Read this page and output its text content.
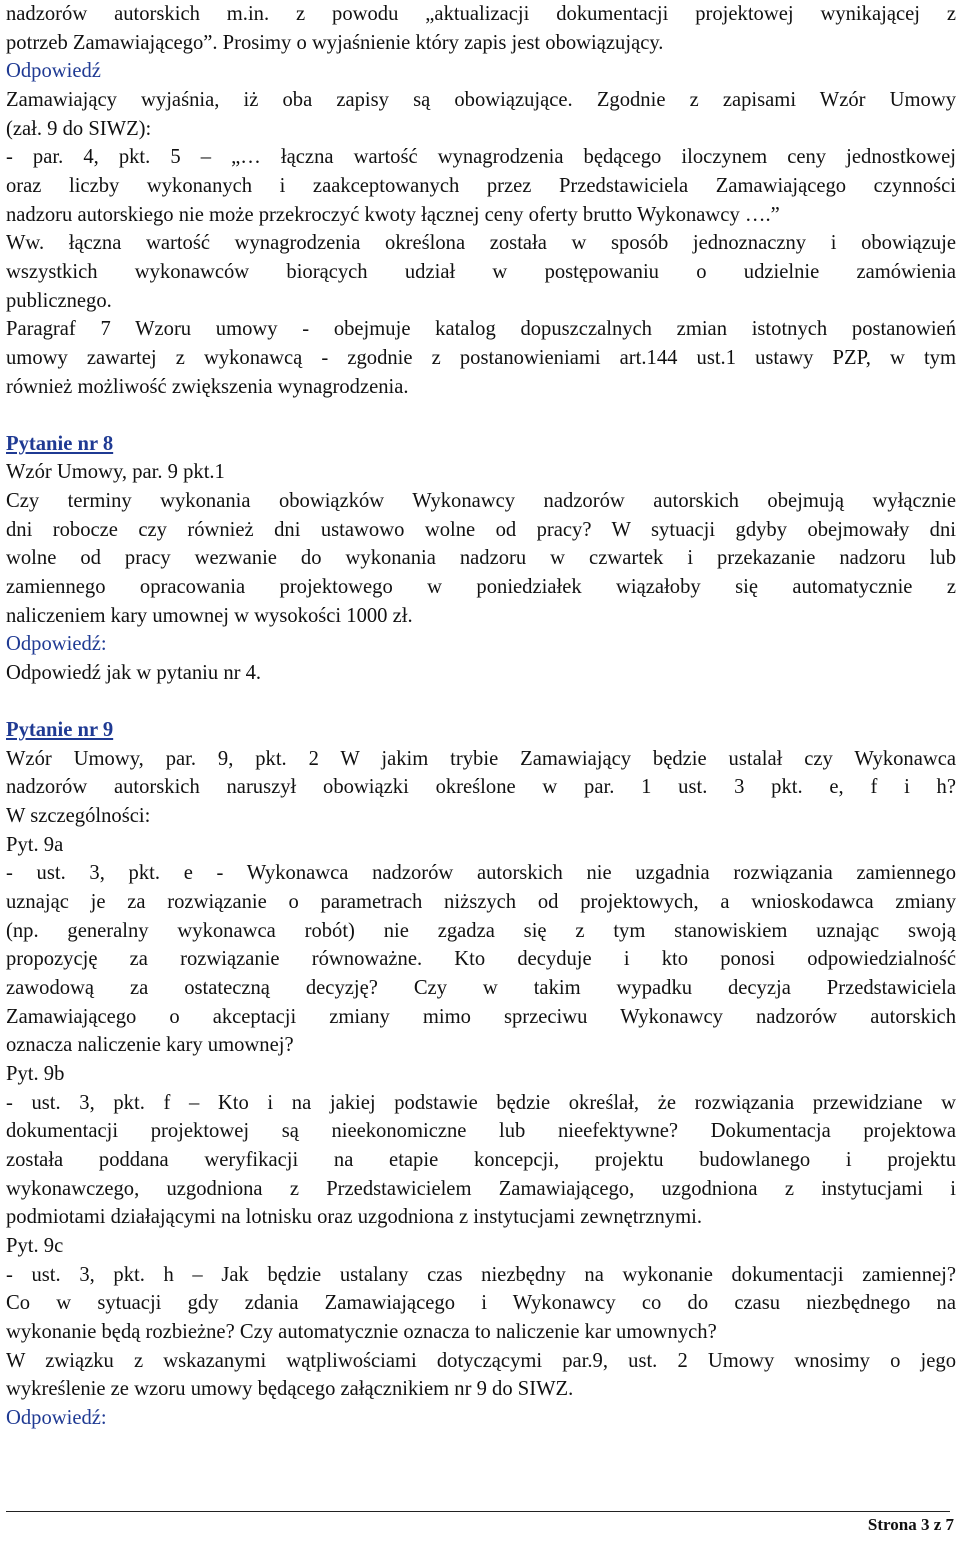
nadzorów autorskich m.in. z powodu „aktualizacji dokumentacji projektowej wynikającej z
potrzeb Zamawiającego”. Prosimy o wyjaśnienie który zapis jest obowiązujący.
Odpowiedź
Zamawiający wyjaśnia, iż oba zapisy są obowiązujące. Zgodnie z zapisami Wzór Umowy
(zał. 9 do SIWZ):
- par. 4, pkt. 5 – „… łączna wartość wynagrodzenia będącego iloczynem ceny jednostkowej
oraz liczby wykonanych i zaakceptowanych przez Przedstawiciela Zamawiającego czynności
nadzoru autorskiego nie może przekroczyć kwoty łącznej ceny oferty brutto Wykonawcy ….”
Ww. łączna wartość wynagrodzenia określona została w sposób jednoznaczny i obowiązuje
wszystkich wykonawców biorących udział w postępowaniu o udzielnie zamówienia
publicznego.
Paragraf 7 Wzoru umowy - obejmuje katalog dopuszczalnych zmian istotnych postanowień
umowy zawartej z wykonawcą - zgodnie z postanowieniami art.144 ust.1 ustawy PZP, w tym
również możliwość zwiększenia wynagrodzenia.
Pytanie nr 8
Wzór Umowy, par. 9 pkt.1
Czy terminy wykonania obowiązków Wykonawcy nadzorów autorskich obejmują wyłącznie
dni robocze czy również dni ustawowo wolne od pracy? W sytuacji gdyby obejmowały dni
wolne od pracy wezwanie do wykonania nadzoru w czwartek i przekazanie nadzoru lub
zamiennego opracowania projektowego w poniedziałek wiązałoby się automatycznie z
naliczeniem kary umownej w wysokości 1000 zł.
Odpowiedź:
Odpowiedź jak w pytaniu nr 4.
Pytanie nr 9
Wzór Umowy, par. 9, pkt. 2 W jakim trybie Zamawiający będzie ustalał czy Wykonawca
nadzorów autorskich naruszył obowiązki określone w par. 1 ust. 3 pkt. e, f i h?
W szczególności:
Pyt. 9a
- ust. 3, pkt. e - Wykonawca nadzorów autorskich nie uzgadnia rozwiązania zamiennego
uznając je za rozwiązanie o parametrach niższych od projektowych, a wnioskodawca zmiany
(np. generalny wykonawca robót) nie zgadza się z tym stanowiskiem uznając swoją
propozycję za rozwiązanie równoważne. Kto decyduje i kto ponosi odpowiedzialność
zawodową za ostateczną decyzję? Czy w takim wypadku decyzja Przedstawiciela
Zamawiającego o akceptacji zmiany mimo sprzeciwu Wykonawcy nadzorów autorskich
oznacza naliczenie kary umownej?
Pyt. 9b
- ust. 3, pkt. f – Kto i na jakiej podstawie będzie określał, że rozwiązania przewidziane w
dokumentacji projektowej są nieekonomiczne lub nieefektywne? Dokumentacja projektowa
została poddana weryfikacji na etapie koncepcji, projektu budowlanego i projektu
wykonawczego, uzgodniona z Przedstawicielem Zamawiającego, uzgodniona z instytucjami i
podmiotami działającymi na lotnisku oraz uzgodniona z instytucjami zewnętrznymi.
Pyt. 9c
- ust. 3, pkt. h – Jak będzie ustalany czas niezbędny na wykonanie dokumentacji zamiennej?
Co w sytuacji gdy zdania Zamawiającego i Wykonawcy co do czasu niezbędnego na
wykonanie będą rozbieżne? Czy automatycznie oznacza to naliczenie kar umownych?
W związku z wskazanymi wątpliwościami dotyczącymi par.9, ust. 2 Umowy wnosimy o jego
wykreślenie ze wzoru umowy będącego załącznikiem nr 9 do SIWZ.
Odpowiedź:
Strona 3 z 7
